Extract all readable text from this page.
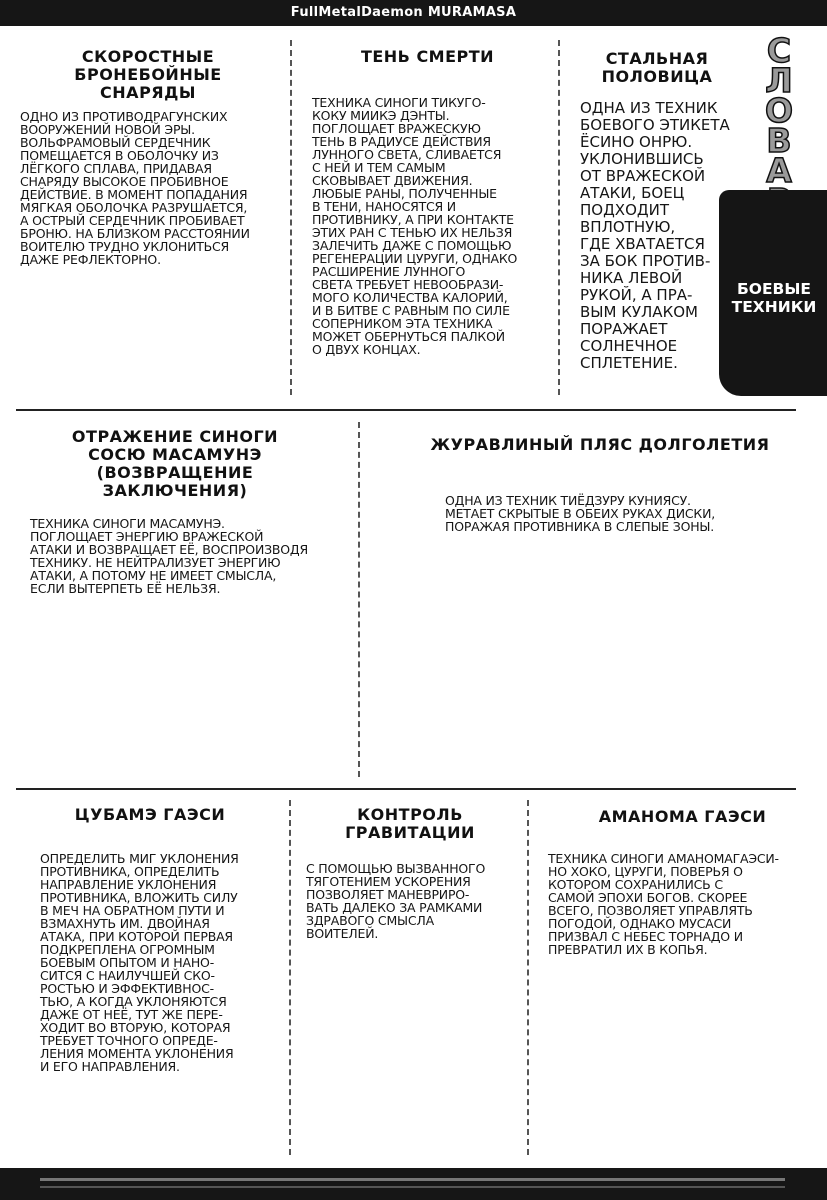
FullMetalDaemon MURAMASA
С
Л
О
В
А
БОЕВЫЕ
ТЕХНИКИ
СКОРОСТНЫЕ
БРОНЕБОЙНЫЕ
СНАРЯДЫ
ОДНО ИЗ ПРОТИВОДРАГУНСКИХ
ВООРУЖЕНИЙ НОВОЙ ЭРЫ.
ВОЛЬФРАМОВЫЙ СЕРДЕЧНИК
ПОМЕЩАЕТСЯ В ОБОЛОЧКУ ИЗ
ЛЁГКОГО СПЛАВА, ПРИДАВАЯ
СНАРЯДУ ВЫСОКОЕ ПРОБИВНОЕ
ДЕЙСТВИЕ. В МОМЕНТ ПОПАДАНИЯ
МЯГКАЯ ОБОЛОЧКА РАЗРУШАЕТСЯ,
А ОСТРЫЙ СЕРДЕЧНИК ПРОБИВАЕТ
БРОНЮ. НА БЛИЗКОМ РАССТОЯНИИ
ВОИТЕЛЮ ТРУДНО УКЛОНИТЬСЯ
ДАЖЕ РЕФЛЕКТОРНО.
ТЕНЬ СМЕРТИ
ТЕХНИКА СИНОГИ ТИКУГО-
КОКУ МИИКЭ ДЭНТЫ.
ПОГЛОЩАЕТ ВРАЖЕСКУЮ
ТЕНЬ В РАДИУСЕ ДЕЙСТВИЯ
ЛУННОГО СВЕТА, СЛИВАЕТСЯ
С НЕЙ И ТЕМ САМЫМ
СКОВЫВАЕТ ДВИЖЕНИЯ.
ЛЮБЫЕ РАНЫ, ПОЛУЧЕННЫЕ
В ТЕНИ, НАНОСЯТСЯ И
ПРОТИВНИКУ, А ПРИ КОНТАКТЕ
ЭТИХ РАН С ТЕНЬЮ ИХ НЕЛЬЗЯ
ЗАЛЕЧИТЬ ДАЖЕ С ПОМОЩЬЮ
РЕГЕНЕРАЦИИ ЦУРУГИ, ОДНАКО
РАСШИРЕНИЕ ЛУННОГО
СВЕТА ТРЕБУЕТ НЕВООБРАЗИ-
МОГО КОЛИЧЕСТВА КАЛОРИЙ,
И В БИТВЕ С РАВНЫМ ПО СИЛЕ
СОПЕРНИКОМ ЭТА ТЕХНИКА
МОЖЕТ ОБЕРНУТЬСЯ ПАЛКОЙ
О ДВУХ КОНЦАХ.
СТАЛЬНАЯ
ПОЛОВИЦА
ОДНА ИЗ ТЕХНИК
БОЕВОГО ЭТИКЕТА
ЁСИНО ОНРЮ.
УКЛОНИВШИСЬ
ОТ ВРАЖЕСКОЙ
АТАКИ, БОЕЦ
ПОДХОДИТ
ВПЛОТНУЮ,
ГДЕ ХВАТАЕТСЯ
ЗА БОК ПРОТИВ-
НИКА ЛЕВОЙ
РУКОЙ, А ПРА-
ВЫМ КУЛАКОМ
ПОРАЖАЕТ
СОЛНЕЧНОЕ
СПЛЕТЕНИЕ.
ОТРАЖЕНИЕ СИНОГИ
СОСЮ МАСАМУНЭ
(ВОЗВРАЩЕНИЕ
ЗАКЛЮЧЕНИЯ)
ТЕХНИКА СИНОГИ МАСАМУНЭ.
ПОГЛОЩАЕТ ЭНЕРГИЮ ВРАЖЕСКОЙ
АТАКИ И ВОЗВРАЩАЕТ ЕЁ, ВОСПРОИЗВОДЯ
ТЕХНИКУ. НЕ НЕЙТРАЛИЗУЕТ ЭНЕРГИЮ
АТАКИ, А ПОТОМУ НЕ ИМЕЕТ СМЫСЛА,
ЕСЛИ ВЫТЕРПЕТЬ ЕЁ НЕЛЬЗЯ.
ЖУРАВЛИНЫЙ ПЛЯС ДОЛГОЛЕТИЯ
ОДНА ИЗ ТЕХНИК ТИЁДЗУРУ КУНИЯСУ.
МЕТАЕТ СКРЫТЫЕ В ОБЕИХ РУКАХ ДИСКИ,
ПОРАЖАЯ ПРОТИВНИКА В СЛЕПЫЕ ЗОНЫ.
ЦУБАМЭ ГАЭСИ
ОПРЕДЕЛИТЬ МИГ УКЛОНЕНИЯ
ПРОТИВНИКА, ОПРЕДЕЛИТЬ
НАПРАВЛЕНИЕ УКЛОНЕНИЯ
ПРОТИВНИКА, ВЛОЖИТЬ СИЛУ
В МЕЧ НА ОБРАТНОМ ПУТИ И
ВЗМАХНУТЬ ИМ. ДВОЙНАЯ
АТАКА, ПРИ КОТОРОЙ ПЕРВАЯ
ПОДКРЕПЛЕНА ОГРОМНЫМ
БОЕВЫМ ОПЫТОМ И НАНО-
СИТСЯ С НАИЛУЧШЕЙ СКО-
РОСТЬЮ И ЭФФЕКТИВНОС-
ТЬЮ, А КОГДА УКЛОНЯЮТСЯ
ДАЖЕ ОТ НЕЁ, ТУТ ЖЕ ПЕРЕ-
ХОДИТ ВО ВТОРУЮ, КОТОРАЯ
ТРЕБУЕТ ТОЧНОГО ОПРЕДЕ-
ЛЕНИЯ МОМЕНТА УКЛОНЕНИЯ
И ЕГО НАПРАВЛЕНИЯ.
КОНТРОЛЬ
ГРАВИТАЦИИ
С ПОМОЩЬЮ ВЫЗВАННОГО
ТЯГОТЕНИЕМ УСКОРЕНИЯ
ПОЗВОЛЯЕТ МАНЕВРИРО-
ВАТЬ ДАЛЕКО ЗА РАМКАМИ
ЗДРАВОГО СМЫСЛА
ВОИТЕЛЕЙ.
АМАНОМА ГАЭСИ
ТЕХНИКА СИНОГИ АМАНОМАГАЭСИ-
НО ХОКО, ЦУРУГИ, ПОВЕРЬЯ О
КОТОРОМ СОХРАНИЛИСЬ С
САМОЙ ЭПОХИ БОГОВ. СКОРЕЕ
ВСЕГО, ПОЗВОЛЯЕТ УПРАВЛЯТЬ
ПОГОДОЙ, ОДНАКО МУСАСИ
ПРИЗВАЛ С НЕБЕС ТОРНАДО И
ПРЕВРАТИЛ ИХ В КОПЬЯ.
